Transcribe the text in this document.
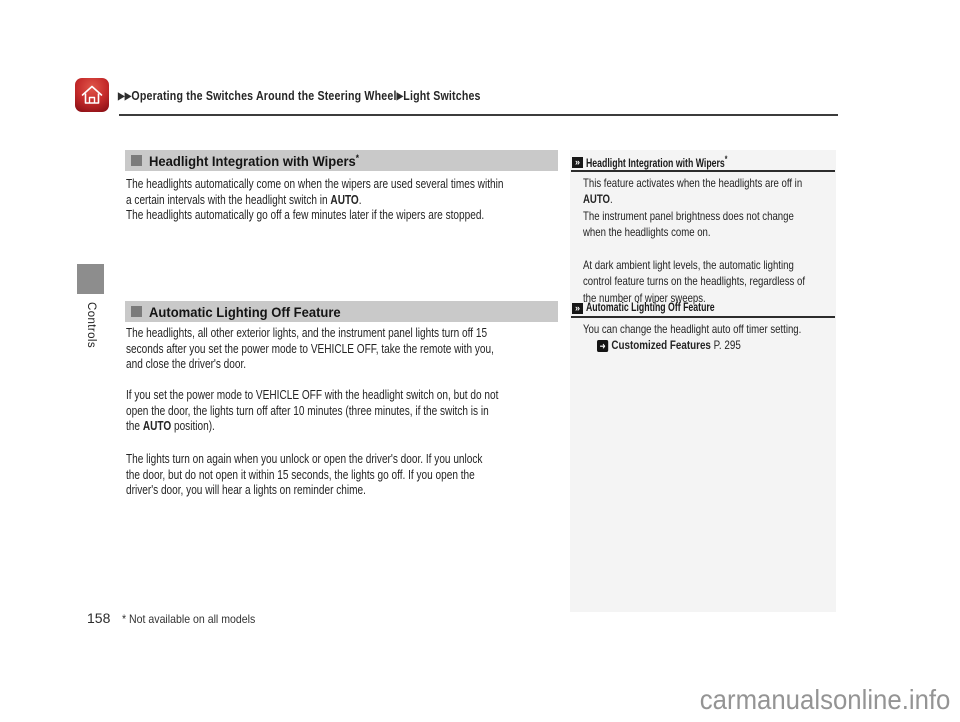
▶▶Operating the Switches Around the Steering Wheel▶Light Switches
Controls
Headlight Integration with Wipers*
The headlights automatically come on when the wipers are used several times within
a certain intervals with the headlight switch in AUTO.
The headlights automatically go off a few minutes later if the wipers are stopped.
Automatic Lighting Off Feature
The headlights, all other exterior lights, and the instrument panel lights turn off 15
seconds after you set the power mode to VEHICLE OFF, take the remote with you,
and close the driver's door.
If you set the power mode to VEHICLE OFF with the headlight switch on, but do not
open the door, the lights turn off after 10 minutes (three minutes, if the switch is in
the AUTO position).
The lights turn on again when you unlock or open the driver's door. If you unlock
the door, but do not open it within 15 seconds, the lights go off. If you open the
driver's door, you will hear a lights on reminder chime.
» Headlight Integration with Wipers*
This feature activates when the headlights are off in
AUTO.
The instrument panel brightness does not change
when the headlights come on.
At dark ambient light levels, the automatic lighting
control feature turns on the headlights, regardless of
the number of wiper sweeps.
» Automatic Lighting Off Feature
You can change the headlight auto off timer setting.
➜ Customized Features P. 295
158 * Not available on all models
carmanualsonline.info
